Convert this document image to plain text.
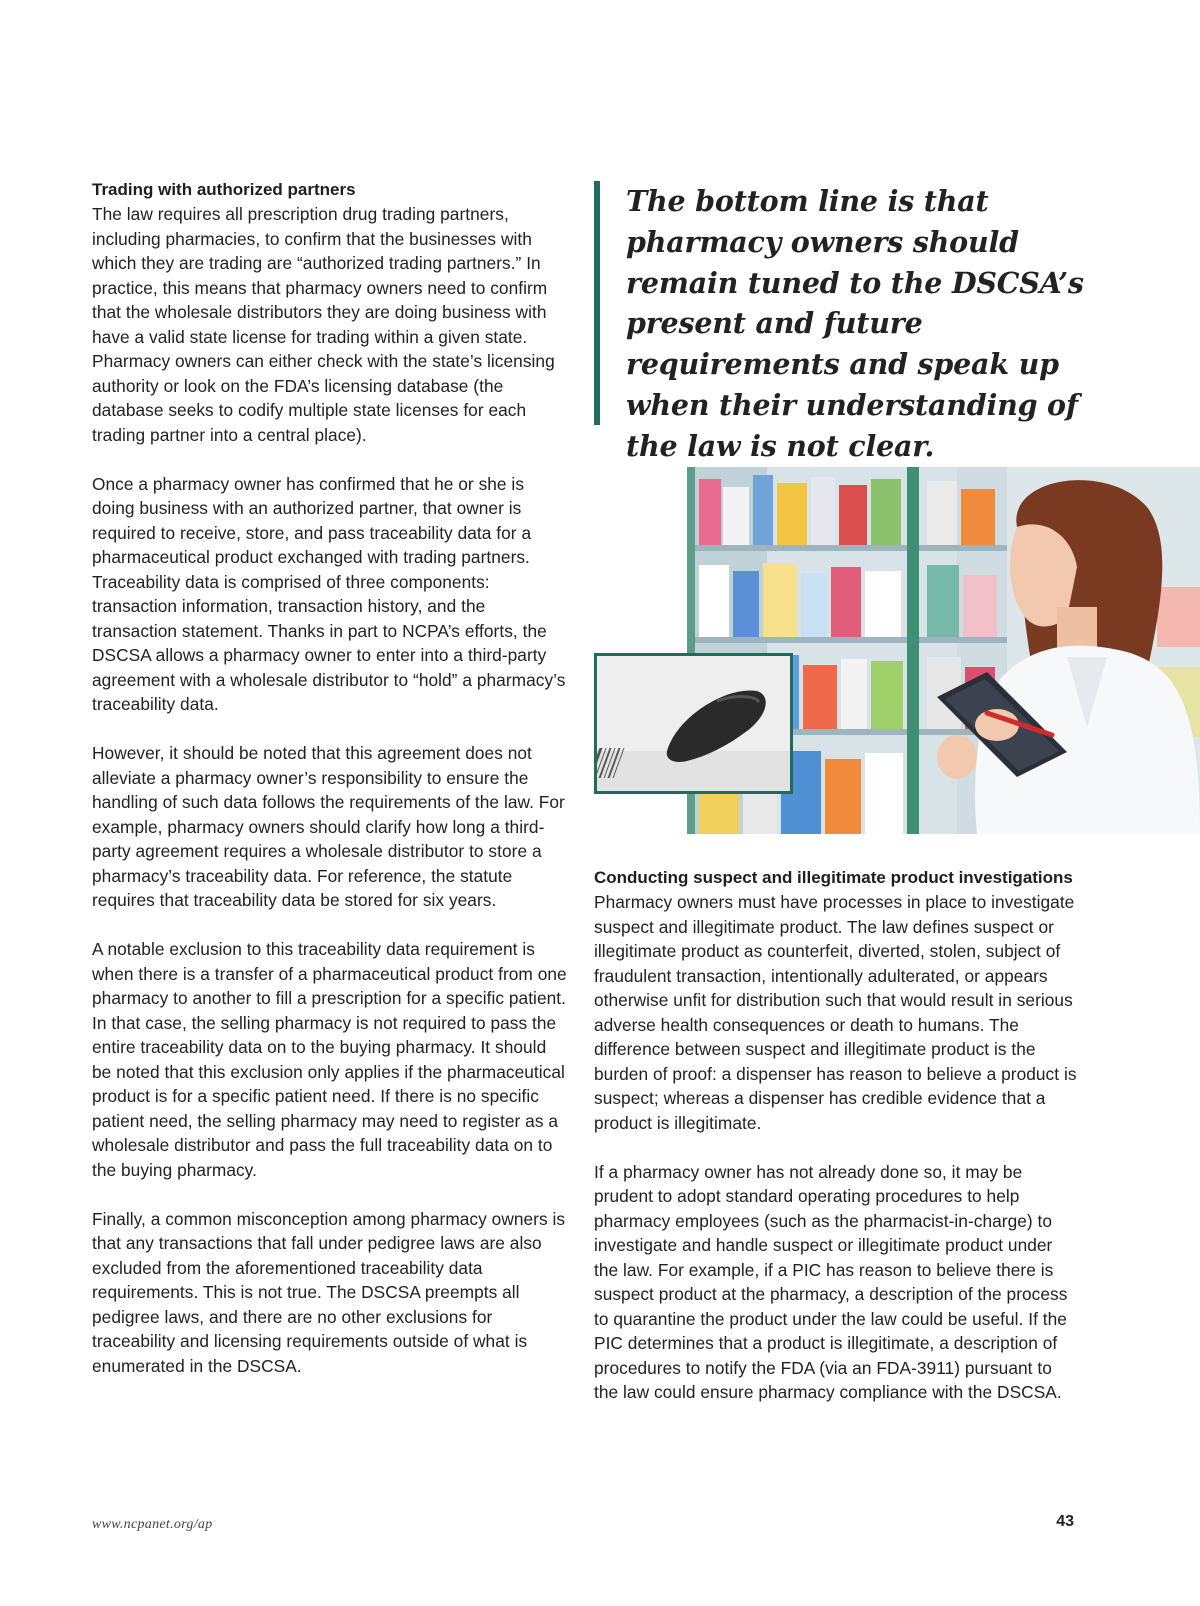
Trading with authorized partners

The law requires all prescription drug trading partners, including pharmacies, to confirm that the businesses with which they are trading are “authorized trading partners.” In practice, this means that pharmacy owners need to confirm that the wholesale distributors they are doing business with have a valid state license for trading within a given state. Pharmacy owners can either check with the state’s licensing authority or look on the FDA’s licensing database (the database seeks to codify multiple state licenses for each trading partner into a central place).

Once a pharmacy owner has confirmed that he or she is doing business with an authorized partner, that owner is required to receive, store, and pass traceability data for a pharmaceutical product exchanged with trading partners. Traceability data is comprised of three components: transaction information, transaction history, and the transaction statement. Thanks in part to NCPA’s efforts, the DSCSA allows a pharmacy owner to enter into a third-party agreement with a wholesale distributor to “hold” a pharmacy’s traceability data.

However, it should be noted that this agreement does not alleviate a pharmacy owner’s responsibility to ensure the handling of such data follows the requirements of the law. For example, pharmacy owners should clarify how long a third-party agreement requires a wholesale distributor to store a pharmacy’s traceability data. For reference, the statute requires that traceability data be stored for six years.

A notable exclusion to this traceability data requirement is when there is a transfer of a pharmaceutical product from one pharmacy to another to fill a prescription for a specific patient. In that case, the selling pharmacy is not required to pass the entire traceability data on to the buying pharmacy. It should be noted that this exclusion only applies if the pharmaceutical product is for a specific patient need. If there is no specific patient need, the selling pharmacy may need to register as a wholesale distributor and pass the full traceability data on to the buying pharmacy.

Finally, a common misconception among pharmacy owners is that any transactions that fall under pedigree laws are also excluded from the aforementioned traceability data requirements. This is not true. The DSCSA preempts all pedigree laws, and there are no other exclusions for traceability and licensing requirements outside of what is enumerated in the DSCSA.

The bottom line is that pharmacy owners should remain tuned to the DSCSA’s present and future requirements and speak up when their understanding of the law is not clear.

Conducting suspect and illegitimate product investigations

Pharmacy owners must have processes in place to investigate suspect and illegitimate product. The law defines suspect or illegitimate product as counterfeit, diverted, stolen, subject of fraudulent transaction, intentionally adulterated, or appears otherwise unfit for distribution such that would result in serious adverse health consequences or death to humans. The difference between suspect and illegitimate product is the burden of proof: a dispenser has reason to believe a product is suspect; whereas a dispenser has credible evidence that a product is illegitimate.

If a pharmacy owner has not already done so, it may be prudent to adopt standard operating procedures to help pharmacy employees (such as the pharmacist-in-charge) to investigate and handle suspect or illegitimate product under the law. For example, if a PIC has reason to believe there is suspect product at the pharmacy, a description of the process to quarantine the product under the law could be useful. If the PIC determines that a product is illegitimate, a description of procedures to notify the FDA (via an FDA-3911) pursuant to the law could ensure pharmacy compliance with the DSCSA.

www.ncpanet.org/ap	43
